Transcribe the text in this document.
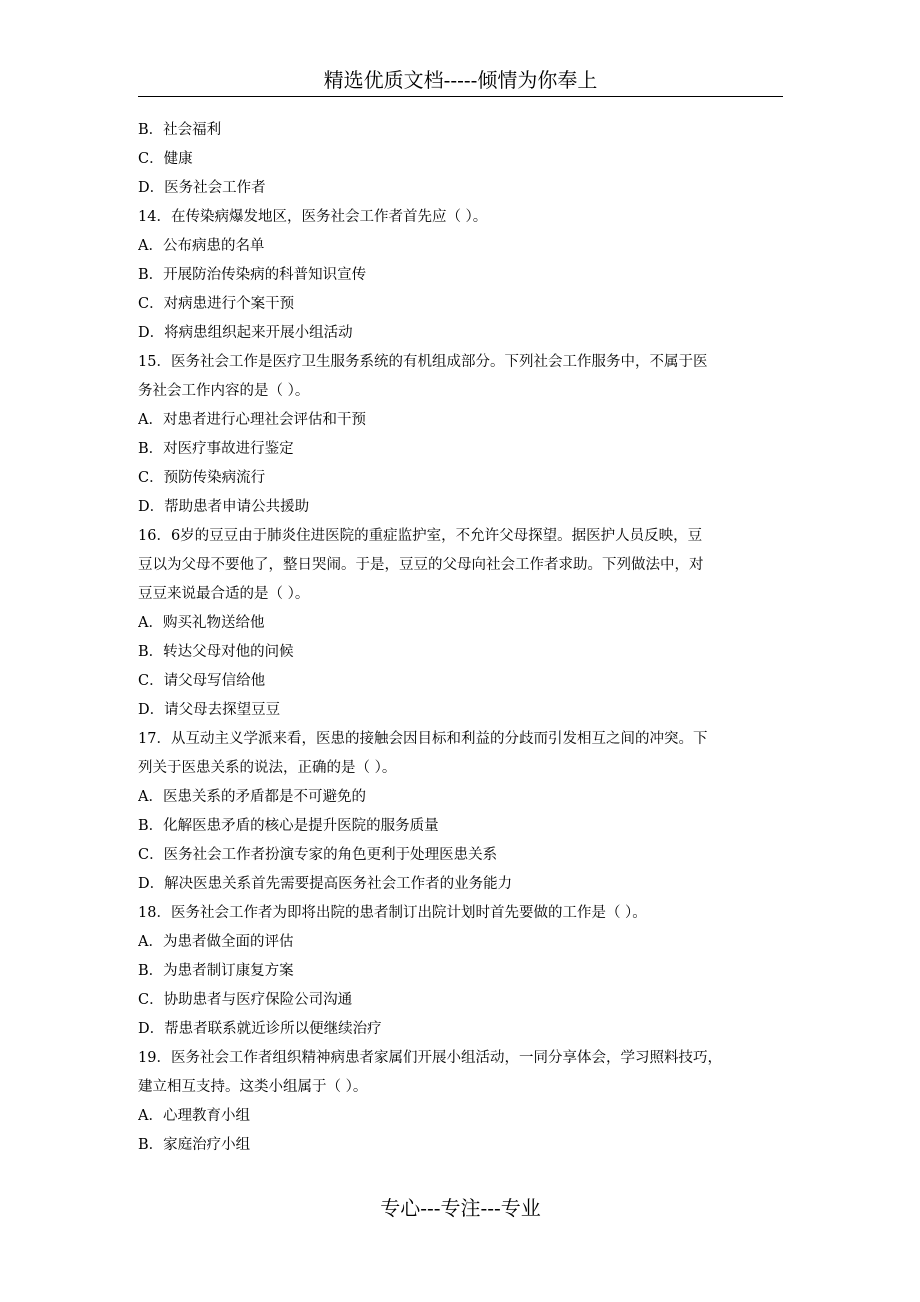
精选优质文档-----倾情为你奉上
B．社会福利
C．健康
D．医务社会工作者
14．在传染病爆发地区，医务社会工作者首先应（ ）。
A．公布病患的名单
B．开展防治传染病的科普知识宣传
C．对病患进行个案干预
D．将病患组织起来开展小组活动
15．医务社会工作是医疗卫生服务系统的有机组成部分。下列社会工作服务中，不属于医
务社会工作内容的是（ ）。
A．对患者进行心理社会评估和干预
B．对医疗事故进行鉴定
C．预防传染病流行
D．帮助患者申请公共援助
16．6岁的豆豆由于肺炎住进医院的重症监护室，不允许父母探望。据医护人员反映，豆
豆以为父母不要他了，整日哭闹。于是，豆豆的父母向社会工作者求助。下列做法中，对
豆豆来说最合适的是（ ）。
A．购买礼物送给他
B．转达父母对他的问候
C．请父母写信给他
D．请父母去探望豆豆
17．从互动主义学派来看，医患的接触会因目标和利益的分歧而引发相互之间的冲突。下
列关于医患关系的说法，正确的是（ ）。
A．医患关系的矛盾都是不可避免的
B．化解医患矛盾的核心是提升医院的服务质量
C．医务社会工作者扮演专家的角色更利于处理医患关系
D．解决医患关系首先需要提高医务社会工作者的业务能力
18．医务社会工作者为即将出院的患者制订出院计划时首先要做的工作是（ ）。
A．为患者做全面的评估
B．为患者制订康复方案
C．协助患者与医疗保险公司沟通
D．帮患者联系就近诊所以便继续治疗
19．医务社会工作者组织精神病患者家属们开展小组活动，一同分享体会，学习照料技巧，
建立相互支持。这类小组属于（ ）。
A．心理教育小组
B．家庭治疗小组
专心---专注---专业
